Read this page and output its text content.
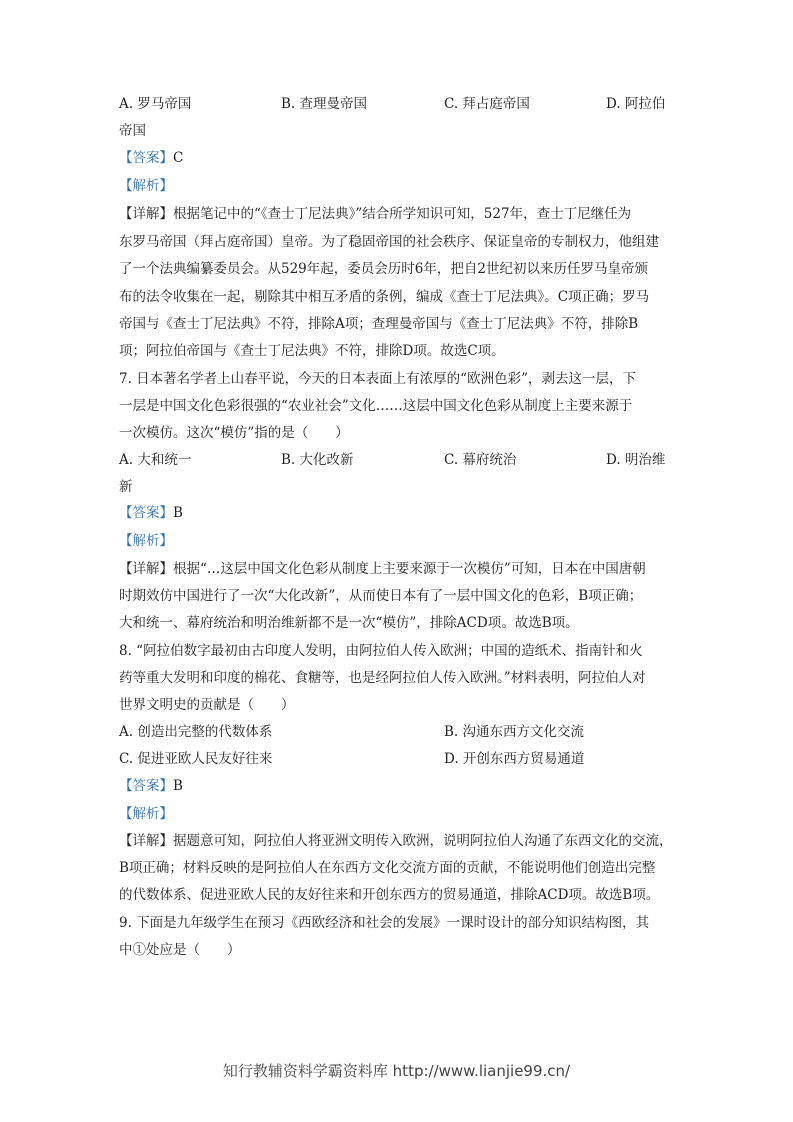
A. 罗马帝国	B. 查理曼帝国	C. 拜占庭帝国	D. 阿拉伯
帝国
【答案】C
【解析】
【详解】根据笔记中的“《查士丁尼法典》”结合所学知识可知，527年，查士丁尼继任为
东罗马帝国（拜占庭帝国）皇帝。为了稳固帝国的社会秩序、保证皇帝的专制权力，他组建
了一个法典编纂委员会。从529年起，委员会历时6年，把自2世纪初以来历任罗马皇帝颁
布的法令收集在一起，剔除其中相互矛盾的条例，编成《查士丁尼法典》。C项正确；罗马
帝国与《查士丁尼法典》不符，排除A项；查理曼帝国与《查士丁尼法典》不符，排除B
项；阿拉伯帝国与《查士丁尼法典》不符，排除D项。故选C项。
7. 日本著名学者上山春平说，今天的日本表面上有浓厚的“欧洲色彩”，剥去这一层，下
一层是中国文化色彩很强的“农业社会”文化……这层中国文化色彩从制度上主要来源于
一次模仿。这次“模仿”指的是（　　）
A. 大和统一	B. 大化改新	C. 幕府统治	D. 明治维
新
【答案】B
【解析】
【详解】根据“…这层中国文化色彩从制度上主要来源于一次模仿”可知，日本在中国唐朝
时期效仿中国进行了一次“大化改新”，从而使日本有了一层中国文化的色彩，B项正确；
大和统一、幕府统治和明治维新都不是一次“模仿”，排除ACD项。故选B项。
8. “阿拉伯数字最初由古印度人发明，由阿拉伯人传入欧洲；中国的造纸术、指南针和火
药等重大发明和印度的棉花、食糖等，也是经阿拉伯人传入欧洲。”材料表明，阿拉伯人对
世界文明史的贡献是（　　）
A. 创造出完整的代数体系	B. 沟通东西方文化交流
C. 促进亚欧人民友好往来	D. 开创东西方贸易通道
【答案】B
【解析】
【详解】据题意可知，阿拉伯人将亚洲文明传入欧洲，说明阿拉伯人沟通了东西文化的交流，
B项正确；材料反映的是阿拉伯人在东西方文化交流方面的贡献，不能说明他们创造出完整
的代数体系、促进亚欧人民的友好往来和开创东西方的贸易通道，排除ACD项。故选B项。
9. 下面是九年级学生在预习《西欧经济和社会的发展》一课时设计的部分知识结构图，其
中①处应是（　　）
知行教辅资料学霸资料库 http://www.lianjie99.cn/
